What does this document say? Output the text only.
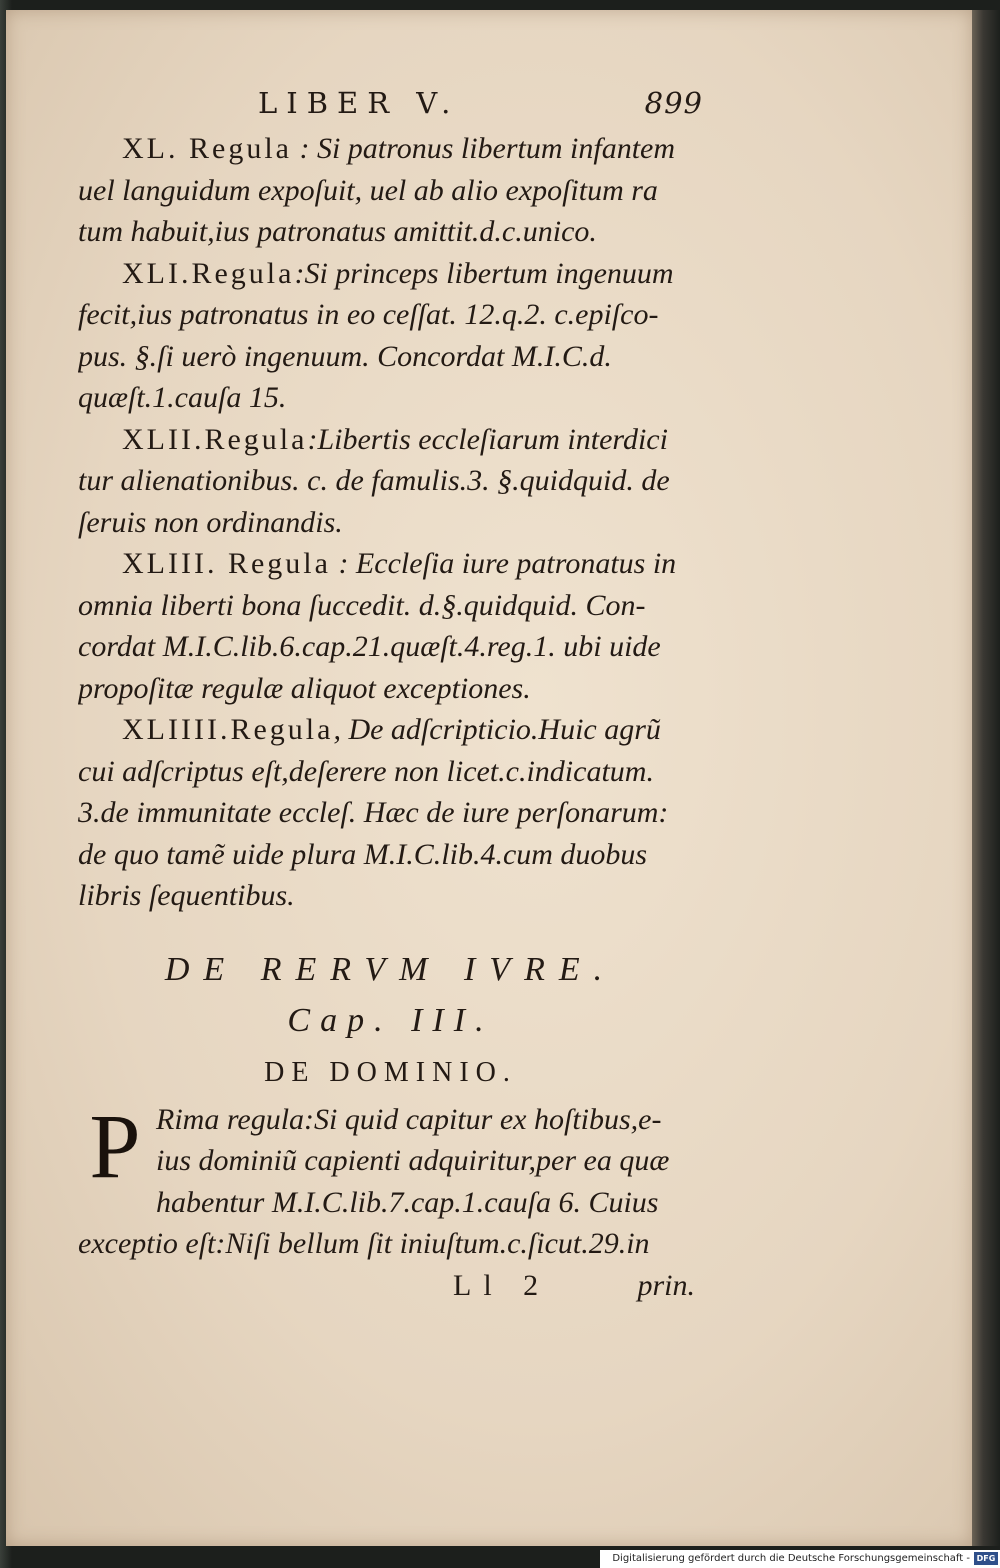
LIBER V.	899
XL. Regula : Si patronus libertum infantem
uel languidum expoſuit, uel ab alio expoſitum ra
tum habuit,ius patronatus amittit.d.c.unico.
XLI.Regula:Si princeps libertum ingenuum
fecit,ius patronatus in eo ceſſat. 12.q.2. c.epiſco-
pus. §.ſi uerò ingenuum. Concordat M.I.C.d.
quæſt.1.cauſa 15.
XLII.Regula:Libertis eccleſiarum interdici
tur alienationibus. c. de famulis.3. §.quidquid. de
ſeruis non ordinandis.
XLIII. Regula : Eccleſia iure patronatus in
omnia liberti bona ſuccedit. d.§.quidquid. Con-
cordat M.I.C.lib.6.cap.21.quæſt.4.reg.1. ubi uide
propoſitæ regulæ aliquot exceptiones.
XLIIII.Regula, De adſcripticio.Huic agrũ
cui adſcriptus eſt,deſerere non licet.c.indicatum.
3.de immunitate eccleſ. Hæc de iure perſonarum:
de quo tamẽ uide plura M.I.C.lib.4.cum duobus
libris ſequentibus.
DE RERVM IVRE.
Cap. III.
DE DOMINIO.
P Rima regula:Si quid capitur ex hoſtibus,e-
ius dominiũ capienti adquiritur,per ea quæ
habentur M.I.C.lib.7.cap.1.cauſa 6. Cuius
exceptio eſt:Niſi bellum ſit iniuſtum.c.ſicut.29.in
Ll 2	prin.
Digitalisierung gefördert durch die Deutsche Forschungsgemeinschaft - DFG
